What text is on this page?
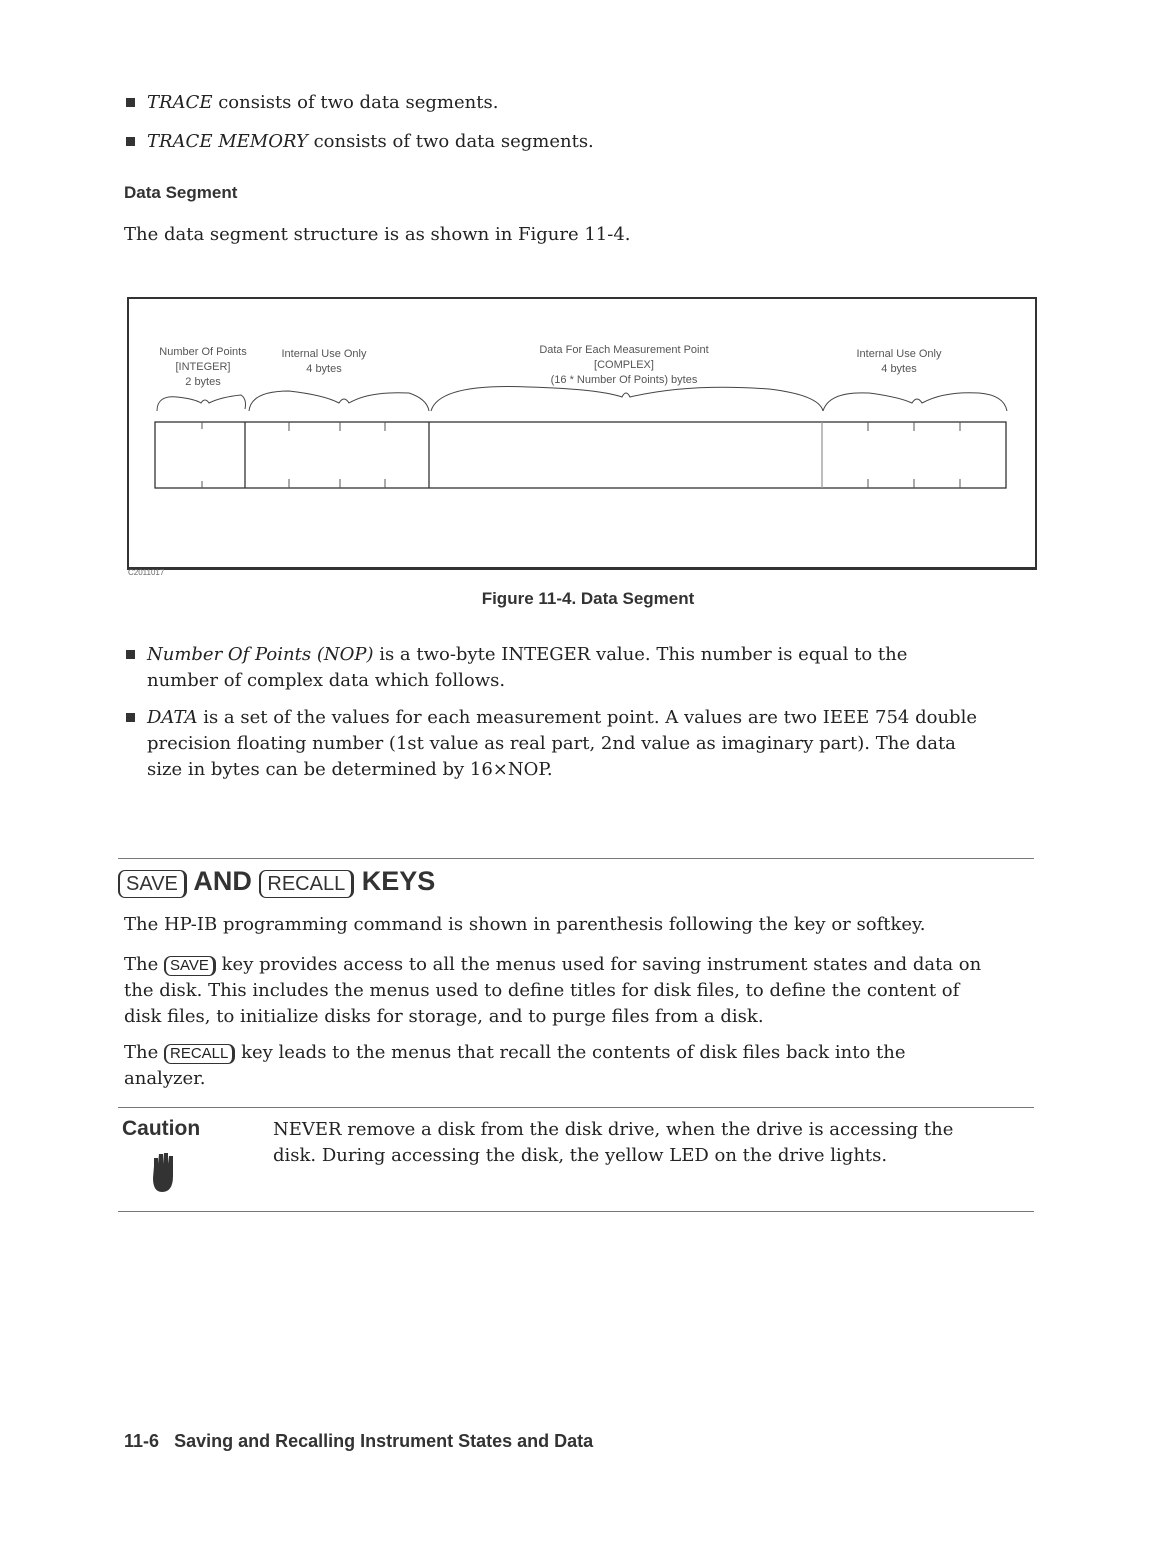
TRACE consists of two data segments.
TRACE MEMORY consists of two data segments.
Data Segment
The data segment structure is as shown in Figure 11-4.
Number Of Points
[INTEGER]
2 bytes
Internal Use Only
4 bytes
Data For Each Measurement Point
[COMPLEX]
(16 * Number Of Points) bytes
Internal Use Only
4 bytes
C2011017
Figure 11-4. Data Segment
Number Of Points (NOP) is a two-byte INTEGER value. This number is equal to the
number of complex data which follows.
DATA is a set of the values for each measurement point. A values are two IEEE 754 double
precision floating number (1st value as real part, 2nd value as imaginary part). The data
size in bytes can be determined by 16×NOP.
SAVE AND RECALL KEYS
The HP-IB programming command is shown in parenthesis following the key or softkey.
The SAVE key provides access to all the menus used for saving instrument states and data on
the disk. This includes the menus used to define titles for disk files, to define the content of
disk files, to initialize disks for storage, and to purge files from a disk.
The RECALL key leads to the menus that recall the contents of disk files back into the
analyzer.
Caution	NEVER remove a disk from the disk drive, when the drive is accessing the
disk. During accessing the disk, the yellow LED on the drive lights.
11-6 Saving and Recalling Instrument States and Data
